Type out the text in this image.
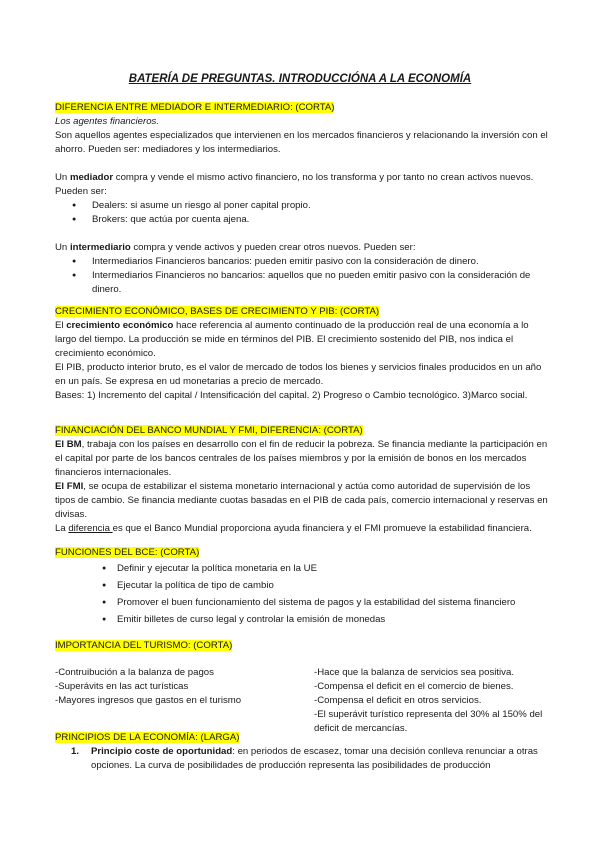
BATERÍA DE PREGUNTAS. INTRODUCCIÓNA A LA ECONOMÍA

DIFERENCIA ENTRE MEDIADOR E INTERMEDIARIO: (CORTA)

Los agentes financieros.

Son aquellos agentes especializados que intervienen en los mercados financieros y relacionando la inversión con el ahorro. Pueden ser: mediadores y los intermediarios.

Un mediador compra y vende el mismo activo financiero, no los transforma y por tanto no crean activos nuevos. Pueden ser:

● Dealers: si asume un riesgo al poner capital propio.
● Brokers: que actúa por cuenta ajena.

Un intermediario compra y vende activos y pueden crear otros nuevos. Pueden ser:

● Intermediarios Financieros bancarios: pueden emitir pasivo con la consideración de dinero.
● Intermediarios Financieros no bancarios: aquellos que no pueden emitir pasivo con la consideración de dinero.

CRECIMIENTO ECONÓMICO, BASES DE CRECIMIENTO Y PIB: (CORTA)

El crecimiento económico hace referencia al aumento continuado de la producción real de una economía a lo largo del tiempo. La producción se mide en términos del PIB. El crecimiento sostenido del PIB, nos indica el crecimiento económico.

El PIB, producto interior bruto, es el valor de mercado de todos los bienes y servicios finales producidos en un año en un país. Se expresa en ud monetarias a precio de mercado.

Bases: 1) Incremento del capital / Intensificación del capital. 2) Progreso o Cambio tecnológico. 3)Marco social.

FINANCIACIÓN DEL BANCO MUNDIAL Y FMI, DIFERENCIA: (CORTA)

El BM, trabaja con los países en desarrollo con el fin de reducir la pobreza. Se financia mediante la participación en el capital por parte de los bancos centrales de los países miembros y por la emisión de bonos en los mercados financieros internacionales.

El FMI, se ocupa de estabilizar el sistema monetario internacional y actúa como autoridad de supervisión de los tipos de cambio. Se financia mediante cuotas basadas en el PIB de cada país, comercio internacional y reservas en divisas.

La diferencia es que el Banco Mundial proporciona ayuda financiera y el FMI promueve la estabilidad financiera.

FUNCIONES DEL BCE: (CORTA)

● Definir y ejecutar la política monetaria en la UE
● Ejecutar la política de tipo de cambio
● Promover el buen funcionamiento del sistema de pagos y la estabilidad del sistema financiero
● Emitir billetes de curso legal y controlar la emisión de monedas

IMPORTANCIA DEL TURISMO: (CORTA)

-Contruibución a la balanza de pagos

-Superávits en las act turísticas

-Mayores ingresos que gastos en el turismo

-Hace que la balanza de servicios sea positiva.

-Compensa el deficit en el comercio de bienes.

-Compensa el deficit en otros servicios.

-El superávit turístico representa del 30% al 150% del deficit de mercancías.

PRINCIPIOS DE LA ECONOMÍA: (LARGA)

1. Principio coste de oportunidad: en periodos de escasez, tomar una decisión conlleva renunciar a otras opciones. La curva de posibilidades de producción representa las posibilidades de producción
